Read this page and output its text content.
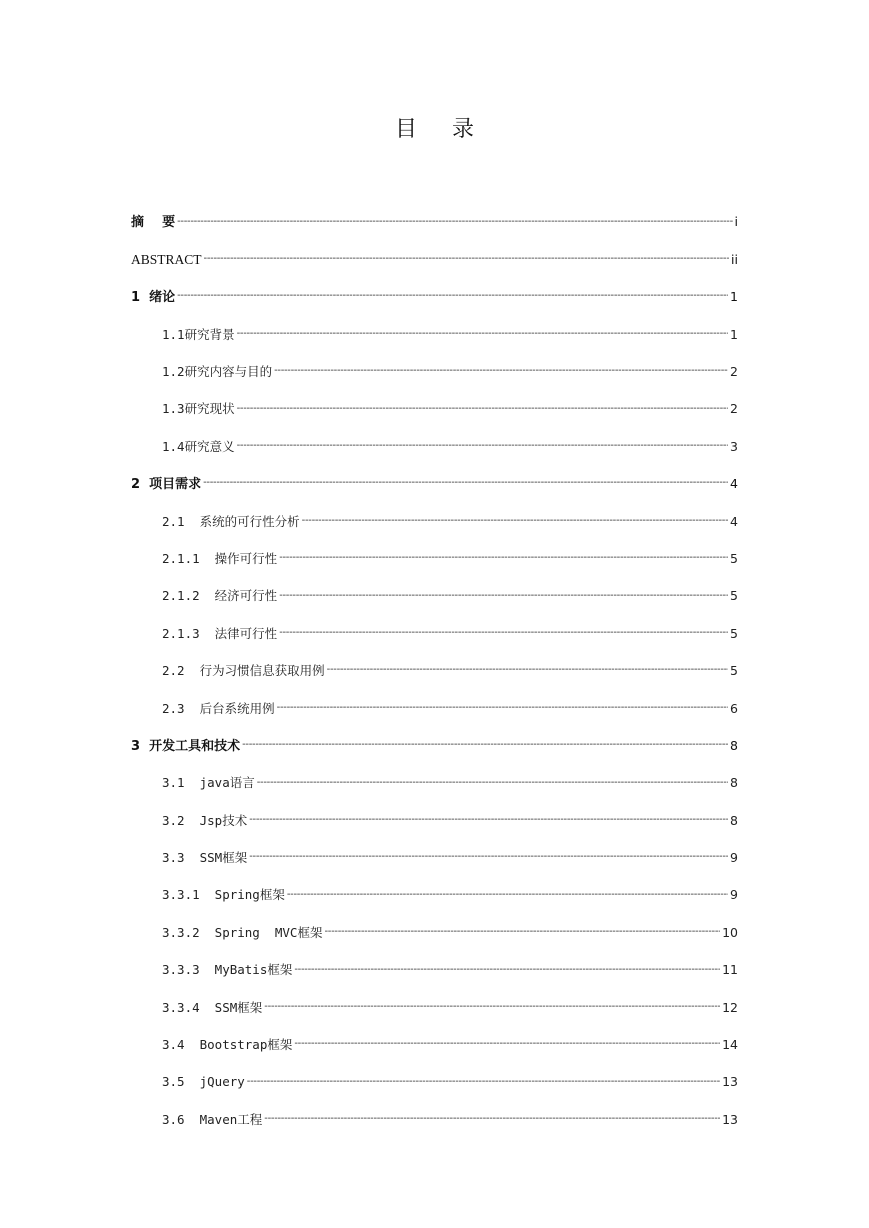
目 录
摘    要 -----	i
ABSTRACT -----	ii
1  绪论 -----	1
1.1研究背景 -----	1
1.2研究内容与目的 -----	2
1.3研究现状 -----	2
1.4研究意义 -----	3
2  项目需求 -----	4
2.1  系统的可行性分析 -----	4
2.1.1  操作可行性 -----	5
2.1.2  经济可行性 -----	5
2.1.3  法律可行性 -----	5
2.2  行为习惯信息获取用例 -----	5
2.3  后台系统用例 -----	6
3  开发工具和技术 -----	8
3.1  java语言 -----	8
3.2  Jsp技术 -----	8
3.3  SSM框架 -----	9
3.3.1  Spring框架 -----	9
3.3.2  Spring  MVC框架 -----	10
3.3.3  MyBatis框架 -----	11
3.3.4  SSM框架 -----	12
3.4  Bootstrap框架 -----	14
3.5  jQuery -----	13
3.6  Maven工程 -----	13
